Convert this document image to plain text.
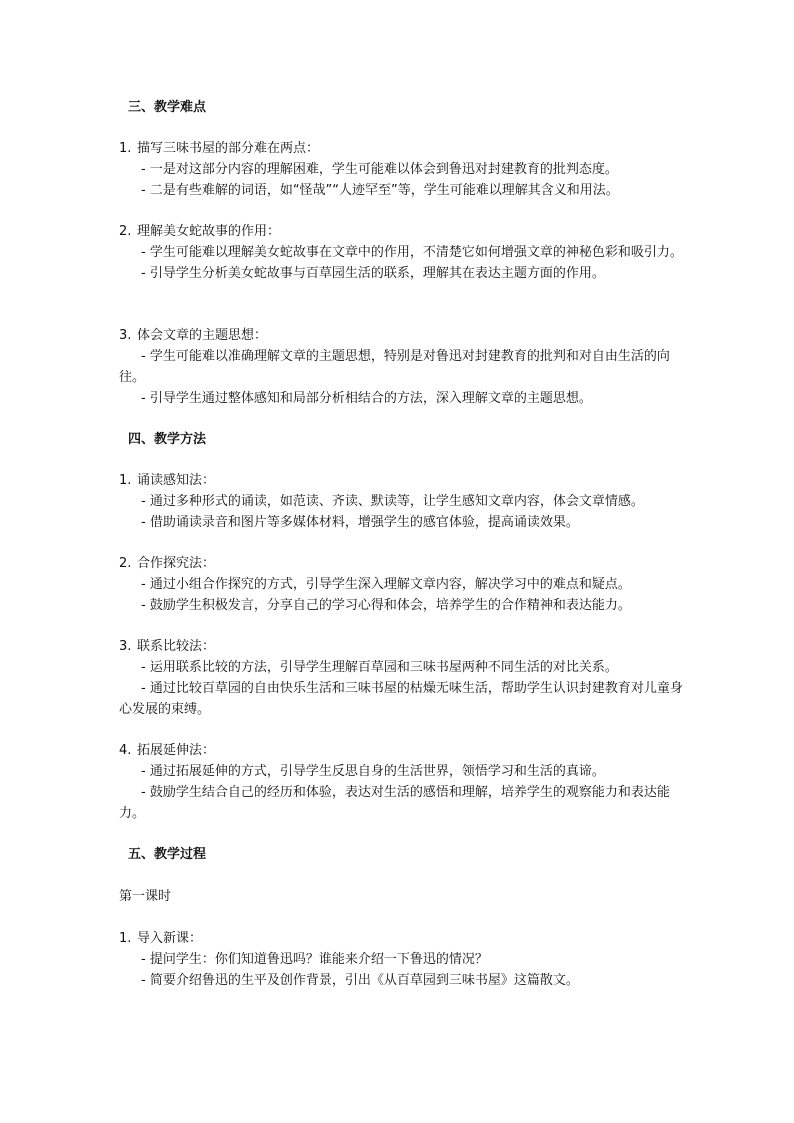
三、教学难点
1. 描写三味书屋的部分难在两点：

- 一是对这部分内容的理解困难，学生可能难以体会到鲁迅对封建教育的批判态度。

- 二是有些难解的词语，如“怪哉”“人迹罕至”等，学生可能难以理解其含义和用法。

2. 理解美女蛇故事的作用：

- 学生可能难以理解美女蛇故事在文章中的作用，不清楚它如何增强文章的神秘色彩和吸引力。

- 引导学生分析美女蛇故事与百草园生活的联系，理解其在表达主题方面的作用。

3. 体会文章的主题思想：

- 学生可能难以准确理解文章的主题思想，特别是对鲁迅对封建教育的批判和对自由生活的向往。

- 引导学生通过整体感知和局部分析相结合的方法，深入理解文章的主题思想。

四、教学方法
1. 诵读感知法：

- 通过多种形式的诵读，如范读、齐读、默读等，让学生感知文章内容，体会文章情感。

- 借助诵读录音和图片等多媒体材料，增强学生的感官体验，提高诵读效果。

2. 合作探究法：

- 通过小组合作探究的方式，引导学生深入理解文章内容，解决学习中的难点和疑点。

- 鼓励学生积极发言，分享自己的学习心得和体会，培养学生的合作精神和表达能力。

3. 联系比较法：

- 运用联系比较的方法，引导学生理解百草园和三味书屋两种不同生活的对比关系。

- 通过比较百草园的自由快乐生活和三味书屋的枯燥无味生活，帮助学生认识封建教育对儿童身心发展的束缚。

4. 拓展延伸法：

- 通过拓展延伸的方式，引导学生反思自身的生活世界，领悟学习和生活的真谛。

- 鼓励学生结合自己的经历和体验，表达对生活的感悟和理解，培养学生的观察能力和表达能力。

五、教学过程
第一课时
1. 导入新课：

- 提问学生：你们知道鲁迅吗？谁能来介绍一下鲁迅的情况？

- 简要介绍鲁迅的生平及创作背景，引出《从百草园到三味书屋》这篇散文。
